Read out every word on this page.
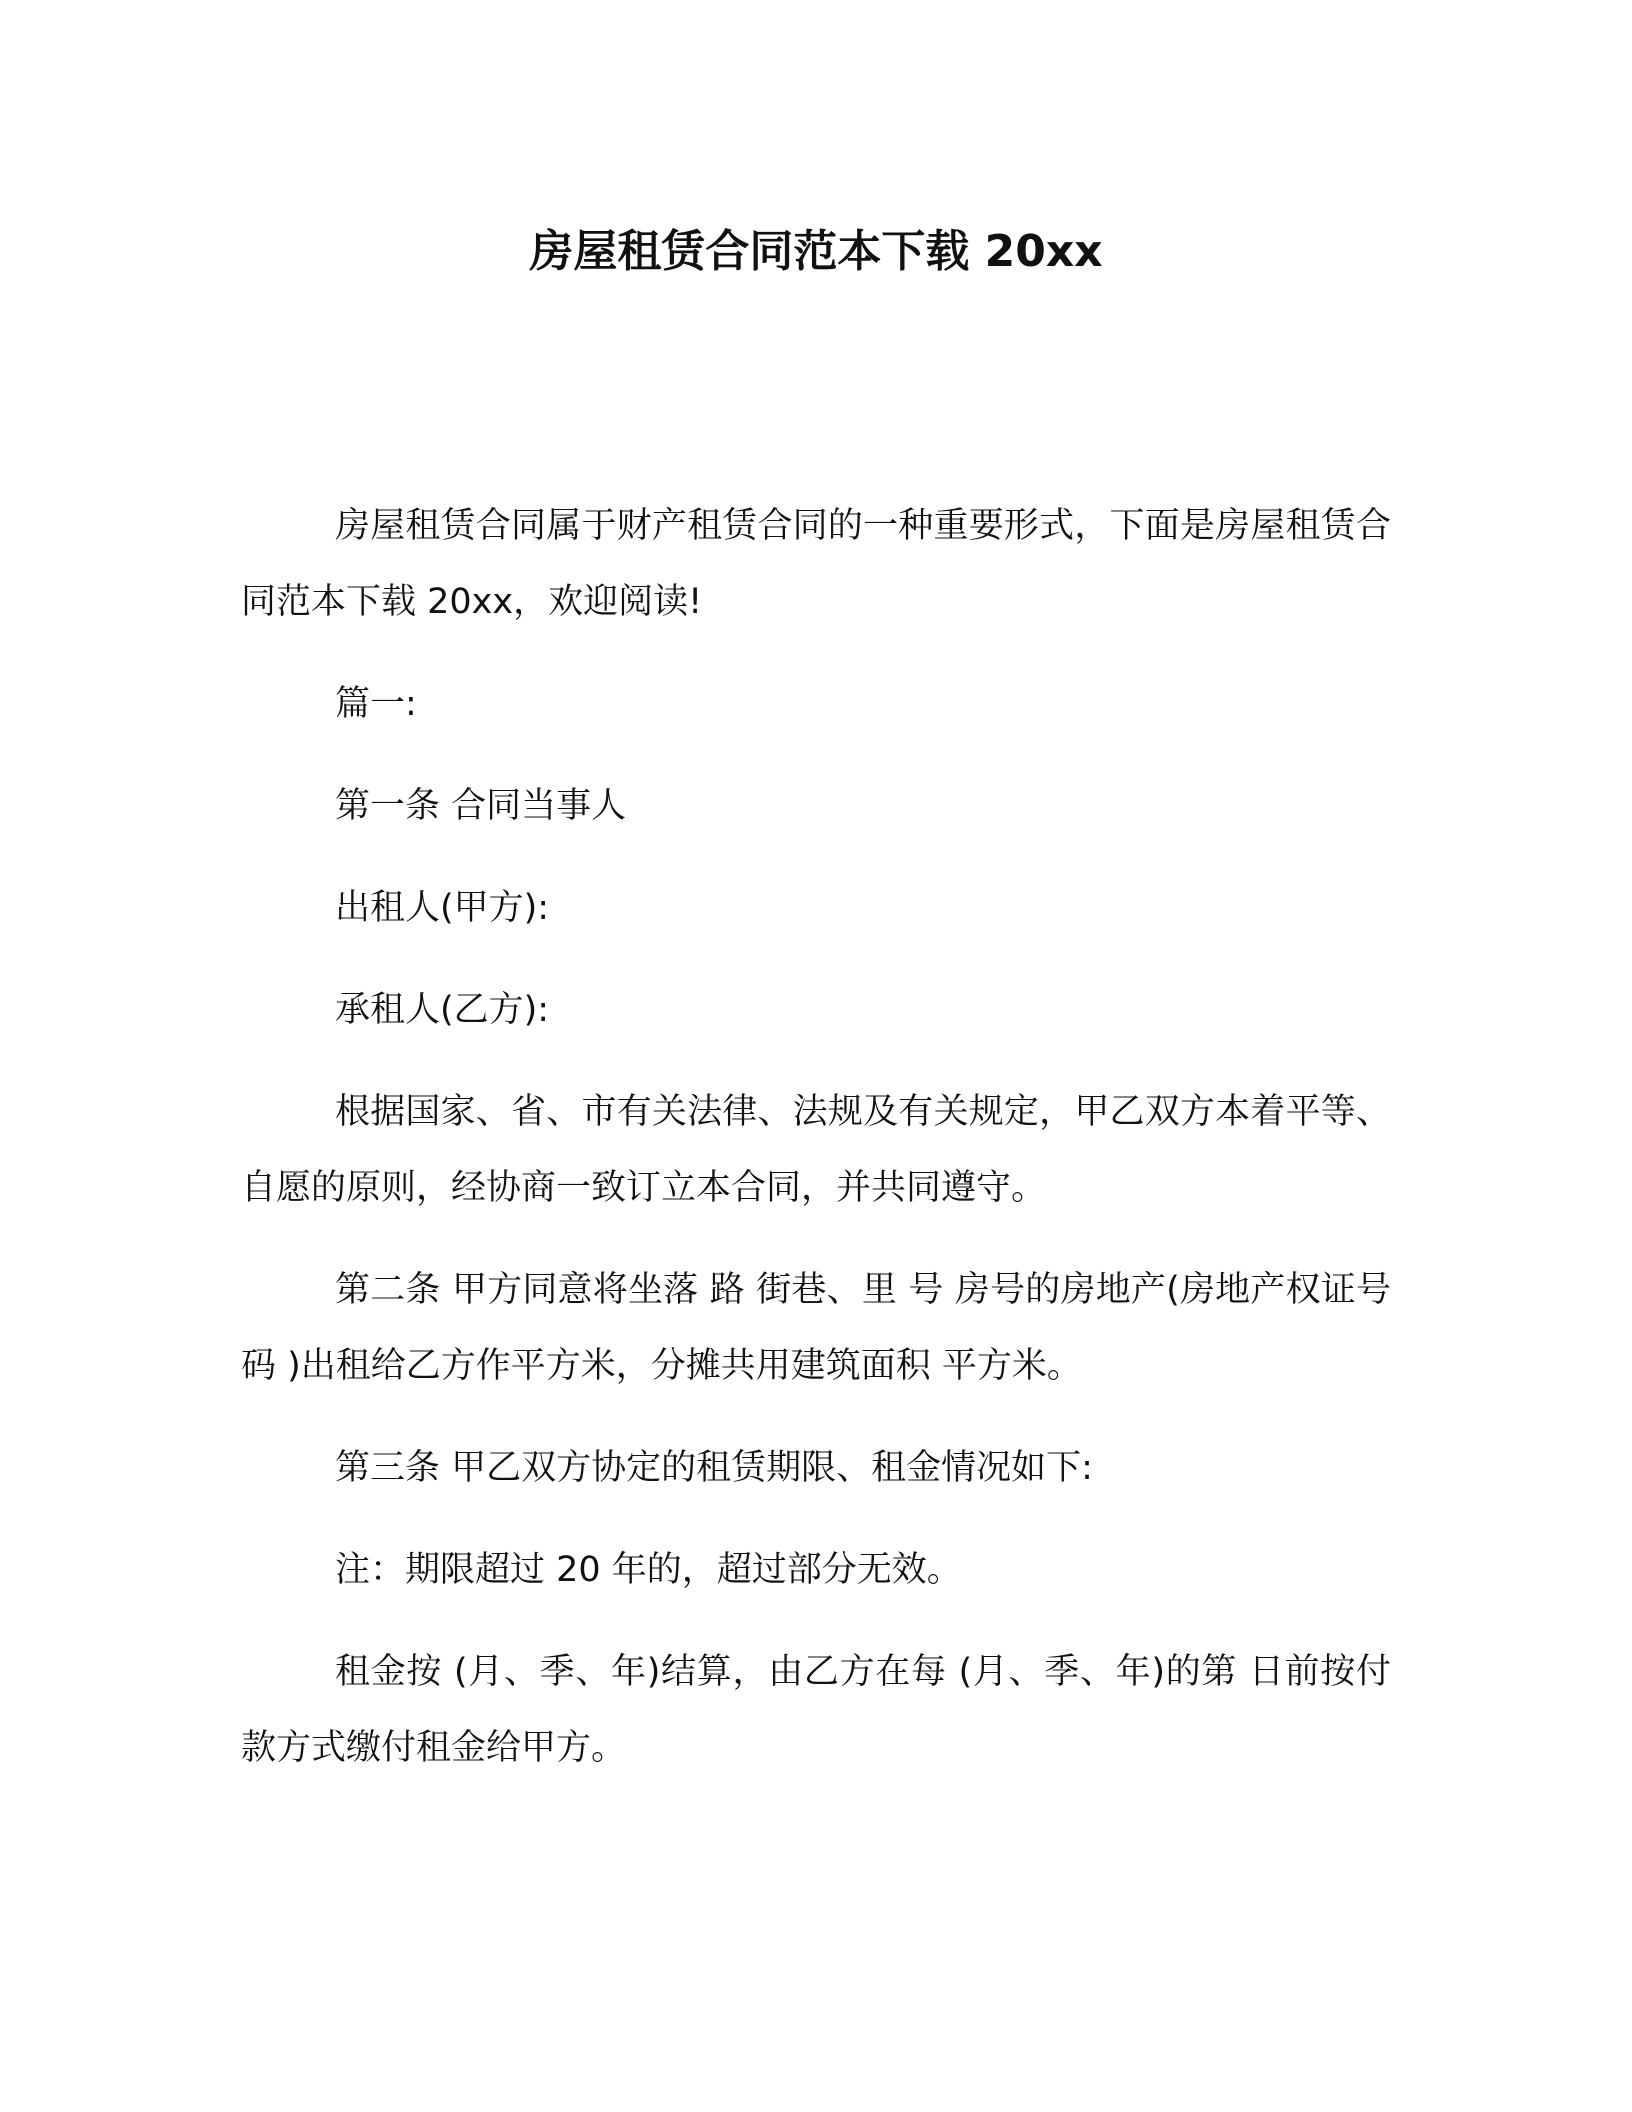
房屋租赁合同范本下载 20xx

房屋租赁合同属于财产租赁合同的一种重要形式，下面是房屋租赁合同范本下载 20xx，欢迎阅读!

篇一:

第一条 合同当事人

出租人(甲方):

承租人(乙方):

根据国家、省、市有关法律、法规及有关规定，甲乙双方本着平等、自愿的原则，经协商一致订立本合同，并共同遵守。

第二条 甲方同意将坐落 路 街巷、里 号 房号的房地产(房地产权证号码 )出租给乙方作平方米，分摊共用建筑面积 平方米。

第三条 甲乙双方协定的租赁期限、租金情况如下:

注：期限超过 20 年的，超过部分无效。

租金按 (月、季、年)结算，由乙方在每 (月、季、年)的第 日前按付款方式缴付租金给甲方。
